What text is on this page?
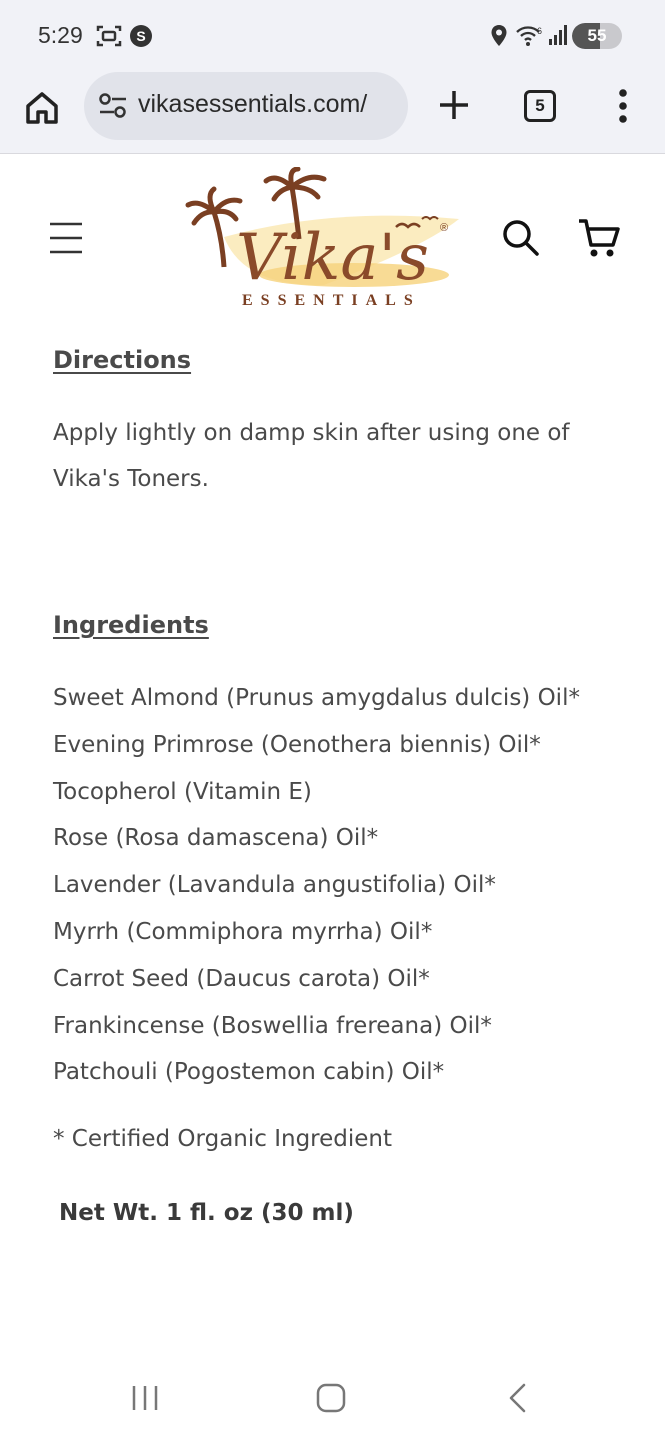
5:29	S	6	55
vikasessentials.com/	5
Vika's ®
ESSENTIALS
Directions
Apply lightly on damp skin after using one of Vika's Toners.
Ingredients
Sweet Almond (Prunus amygdalus dulcis) Oil*
Evening Primrose (Oenothera biennis) Oil*
Tocopherol (Vitamin E)
Rose (Rosa damascena) Oil*
Lavender (Lavandula angustifolia) Oil*
Myrrh (Commiphora myrrha) Oil*
Carrot Seed (Daucus carota) Oil*
Frankincense (Boswellia frereana) Oil*
Patchouli (Pogostemon cabin) Oil*
* Certified Organic Ingredient
Net Wt. 1 fl. oz (30 ml)
